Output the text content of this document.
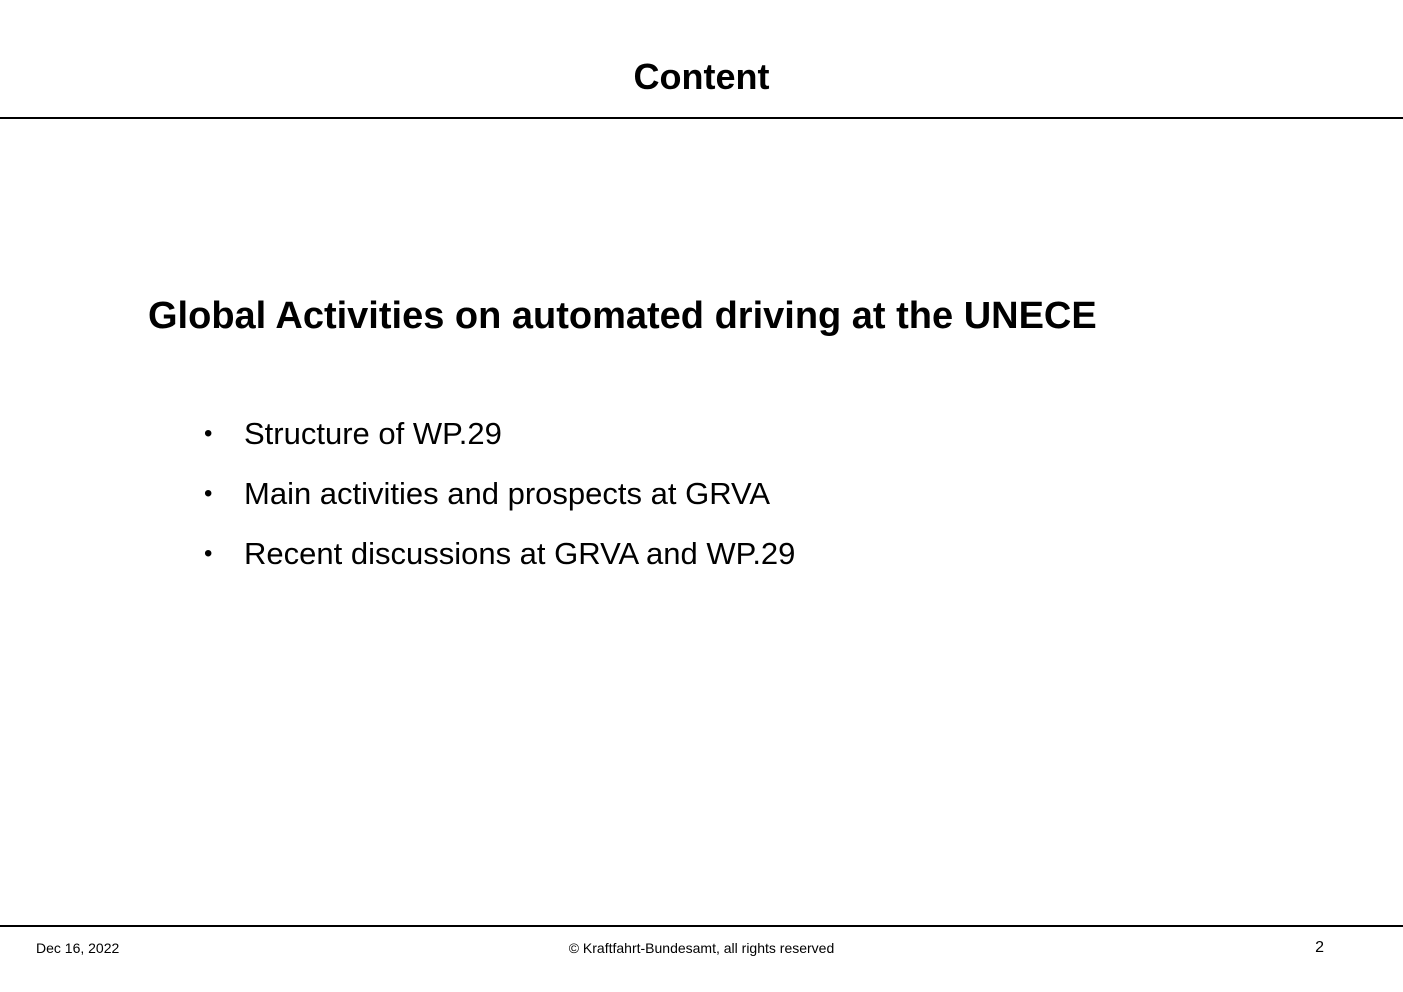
Content
Global Activities on automated driving at the UNECE
•	Structure of WP.29
•	Main activities and prospects at GRVA
•	Recent discussions at GRVA and WP.29
Dec 16, 2022	© Kraftfahrt-Bundesamt, all rights reserved	2
